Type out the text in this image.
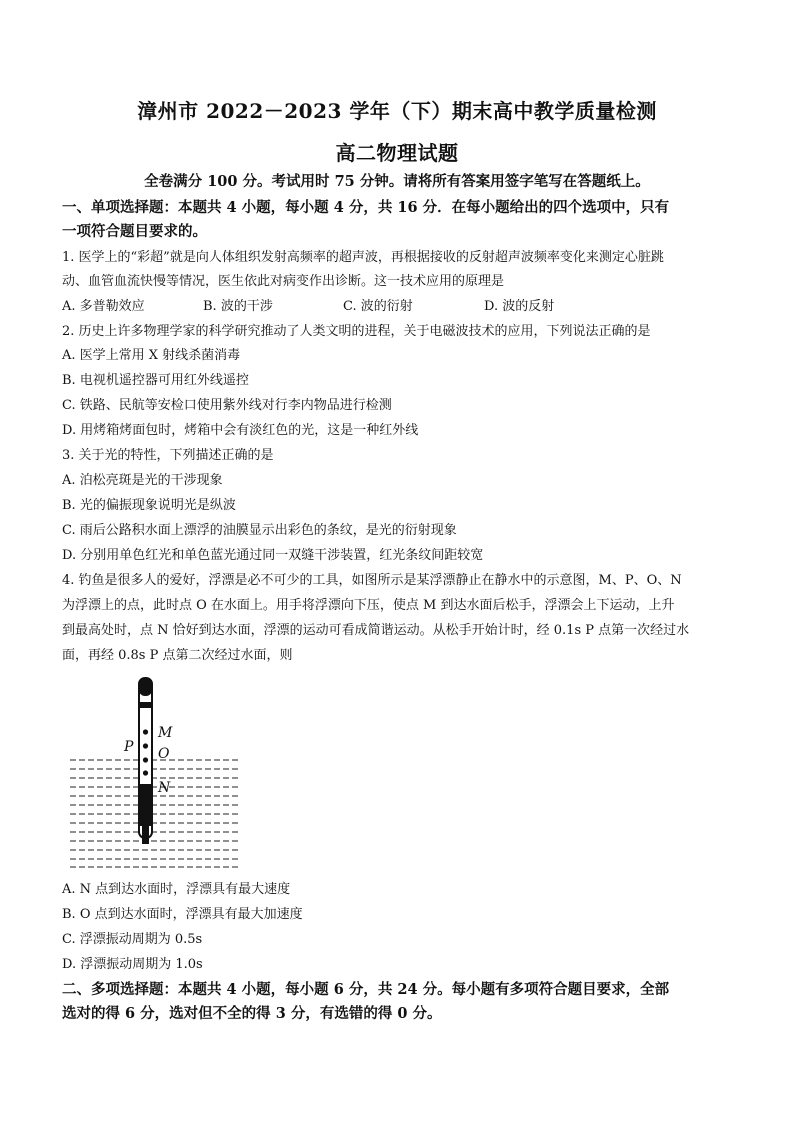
漳州市 2022－2023 学年（下）期末高中教学质量检测
高二物理试题
全卷满分 100 分。考试用时 75 分钟。请将所有答案用签字笔写在答题纸上。
一、单项选择题：本题共 4 小题，每小题 4 分，共 16 分．在每小题给出的四个选项中，只有
一项符合题目要求的。
1. 医学上的“彩超”就是向人体组织发射高频率的超声波，再根据接收的反射超声波频率变化来测定心脏跳
动、血管血流快慢等情况，医生依此对病变作出诊断。这一技术应用的原理是
A. 多普勒效应	B. 波的干涉	C. 波的衍射	D. 波的反射
2. 历史上许多物理学家的科学研究推动了人类文明的进程，关于电磁波技术的应用，下列说法正确的是
A. 医学上常用 X 射线杀菌消毒
B. 电视机遥控器可用红外线遥控
C. 铁路、民航等安检口使用紫外线对行李内物品进行检测
D. 用烤箱烤面包时，烤箱中会有淡红色的光，这是一种红外线
3. 关于光的特性，下列描述正确的是
A. 泊松亮斑是光的干涉现象
B. 光的偏振现象说明光是纵波
C. 雨后公路积水面上漂浮的油膜显示出彩色的条纹，是光的衍射现象
D. 分别用单色红光和单色蓝光通过同一双缝干涉装置，红光条纹间距较宽
4. 钓鱼是很多人的爱好，浮漂是必不可少的工具，如图所示是某浮漂静止在静水中的示意图，M、P、O、N
为浮漂上的点，此时点 O 在水面上。用手将浮漂向下压，使点 M 到达水面后松手，浮漂会上下运动，上升
到最高处时，点 N 恰好到达水面，浮漂的运动可看成简谐运动。从松手开始计时，经 0.1s P 点第一次经过水
面，再经 0.8s P 点第二次经过水面，则
M
P O
N
A. N 点到达水面时，浮漂具有最大速度
B. O 点到达水面时，浮漂具有最大加速度
C. 浮漂振动周期为 0.5s
D. 浮漂振动周期为 1.0s
二、多项选择题：本题共 4 小题，每小题 6 分，共 24 分。每小题有多项符合题目要求，全部
选对的得 6 分，选对但不全的得 3 分，有选错的得 0 分。
